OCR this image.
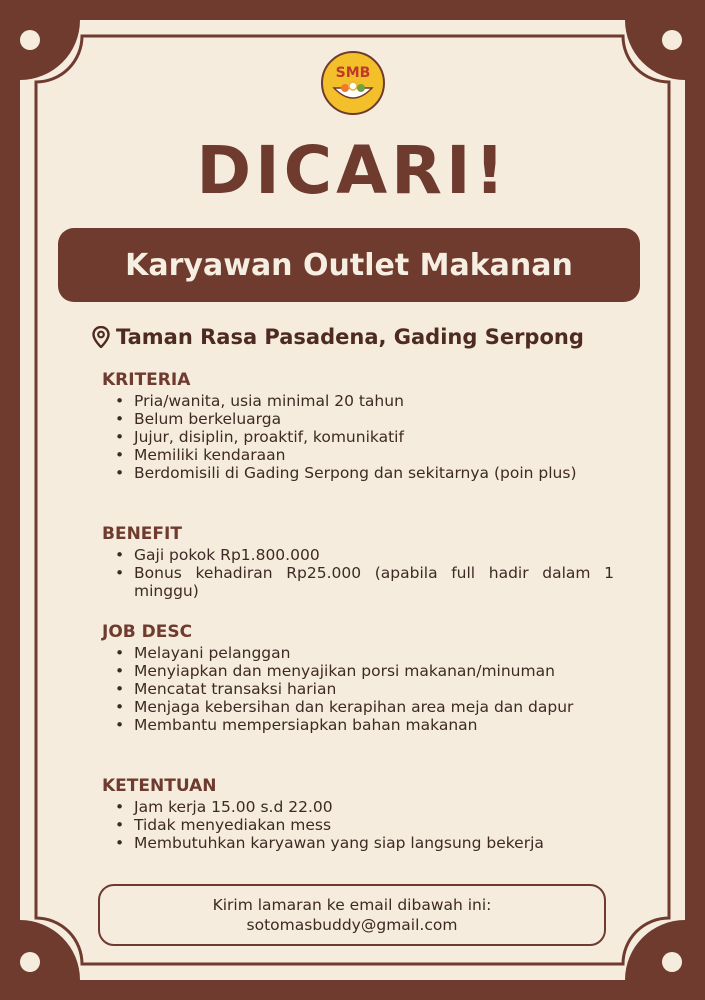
SMB
DICARI!
Karyawan Outlet Makanan
Taman Rasa Pasadena, Gading Serpong
KRITERIA
• Pria/wanita, usia minimal 20 tahun
• Belum berkeluarga
• Jujur, disiplin, proaktif, komunikatif
• Memiliki kendaraan
• Berdomisili di Gading Serpong dan sekitarnya (poin plus)
BENEFIT
• Gaji pokok Rp1.800.000
• Bonus kehadiran Rp25.000 (apabila full hadir dalam 1 minggu)
JOB DESC
• Melayani pelanggan
• Menyiapkan dan menyajikan porsi makanan/minuman
• Mencatat transaksi harian
• Menjaga kebersihan dan kerapihan area meja dan dapur
• Membantu mempersiapkan bahan makanan
KETENTUAN
• Jam kerja 15.00 s.d 22.00
• Tidak menyediakan mess
• Membutuhkan karyawan yang siap langsung bekerja
Kirim lamaran ke email dibawah ini:
sotomasbuddy@gmail.com
